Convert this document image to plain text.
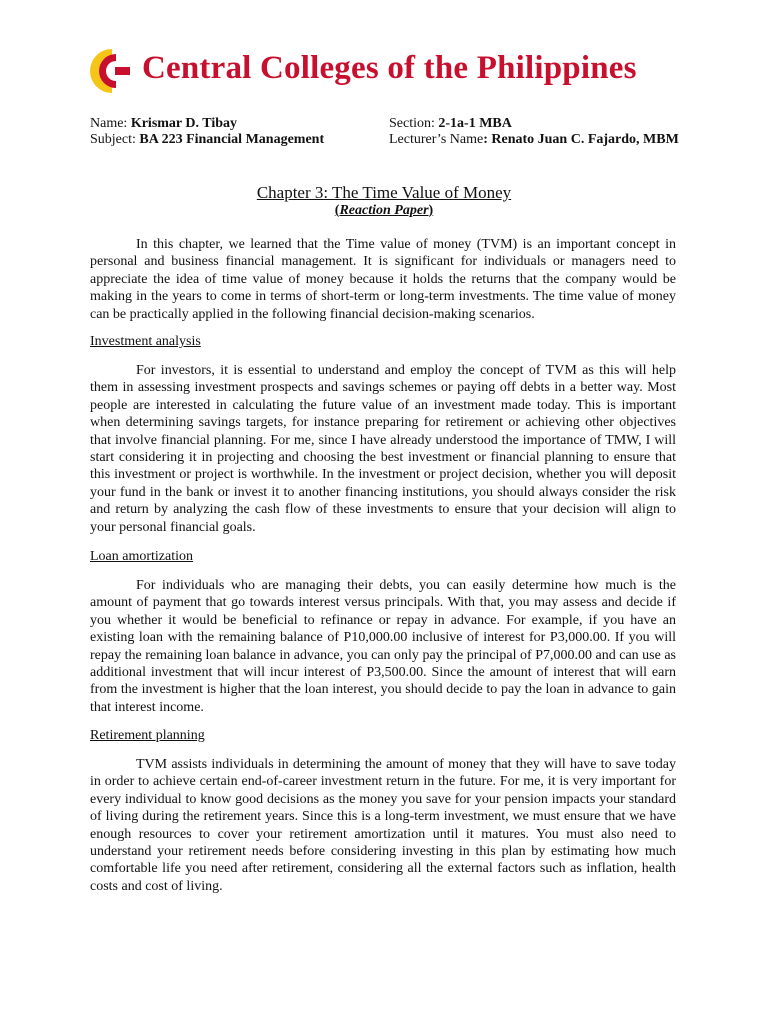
Central Colleges of the Philippines
Name: Krismar D. Tibay	Section: 2-1a-1 MBA
Subject: BA 223 Financial Management	Lecturer’s Name: Renato Juan C. Fajardo, MBM
Chapter 3: The Time Value of Money
(Reaction Paper)

In this chapter, we learned that the Time value of money (TVM) is an important concept in personal and business financial management. It is significant for individuals or managers need to appreciate the idea of time value of money because it holds the returns that the company would be making in the years to come in terms of short-term or long-term investments. The time value of money can be practically applied in the following financial decision-making scenarios.

Investment analysis

For investors, it is essential to understand and employ the concept of TVM as this will help them in assessing investment prospects and savings schemes or paying off debts in a better way. Most people are interested in calculating the future value of an investment made today. This is important when determining savings targets, for instance preparing for retirement or achieving other objectives that involve financial planning. For me, since I have already understood the importance of TMW, I will start considering it in projecting and choosing the best investment or financial planning to ensure that this investment or project is worthwhile. In the investment or project decision, whether you will deposit your fund in the bank or invest it to another financing institutions, you should always consider the risk and return by analyzing the cash flow of these investments to ensure that your decision will align to your personal financial goals.

Loan amortization

For individuals who are managing their debts, you can easily determine how much is the amount of payment that go towards interest versus principals. With that, you may assess and decide if you whether it would be beneficial to refinance or repay in advance. For example, if you have an existing loan with the remaining balance of P10,000.00 inclusive of interest for P3,000.00. If you will repay the remaining loan balance in advance, you can only pay the principal of P7,000.00 and can use as additional investment that will incur interest of P3,500.00. Since the amount of interest that will earn from the investment is higher that the loan interest, you should decide to pay the loan in advance to gain that interest income.

Retirement planning

TVM assists individuals in determining the amount of money that they will have to save today in order to achieve certain end-of-career investment return in the future. For me, it is very important for every individual to know good decisions as the money you save for your pension impacts your standard of living during the retirement years. Since this is a long-term investment, we must ensure that we have enough resources to cover your retirement amortization until it matures. You must also need to understand your retirement needs before considering investing in this plan by estimating how much comfortable life you need after retirement, considering all the external factors such as inflation, health costs and cost of living.
